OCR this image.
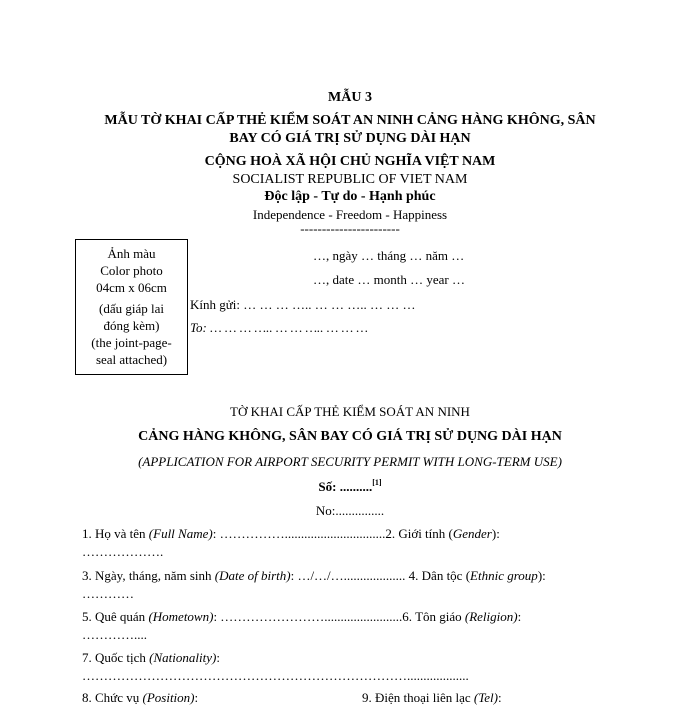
MẪU 3
MẪU TỜ KHAI CẤP THẺ KIỂM SOÁT AN NINH CẢNG HÀNG KHÔNG, SÂN
BAY CÓ GIÁ TRỊ SỬ DỤNG DÀI HẠN
CỘNG HOÀ XÃ HỘI CHỦ NGHĨA VIỆT NAM
SOCIALIST REPUBLIC OF VIET NAM
Độc lập - Tự do - Hạnh phúc
Independence - Freedom - Happiness
-----------------------
Ảnh màu
Color photo
04cm x 06cm
(dấu giáp lai
đóng kèm)
(the joint-page-
seal attached)
…, ngày … tháng … năm …
…, date … month … year …
Kính gửi: … … … ….. … … ….. … … …
To: … … … ….. … … ….. … … …
TỜ KHAI CẤP THẺ KIỂM SOÁT AN NINH
CẢNG HÀNG KHÔNG, SÂN BAY CÓ GIÁ TRỊ SỬ DỤNG DÀI HẠN
(APPLICATION FOR AIRPORT SECURITY PERMIT WITH LONG-TERM USE)
Số: ..........[1]
No:...............
1. Họ và tên (Full Name): ……………...............................2. Giới tính (Gender):
……………….
3. Ngày, tháng, năm sinh (Date of birth): …/…/…................... 4. Dân tộc (Ethnic group):
…………
5. Quê quán (Hometown): ……………………........................6. Tôn giáo (Religion):
…………....
7. Quốc tịch (Nationality):
…………………………………………………………………...................
8. Chức vụ (Position):	9. Điện thoại liên lạc (Tel):
